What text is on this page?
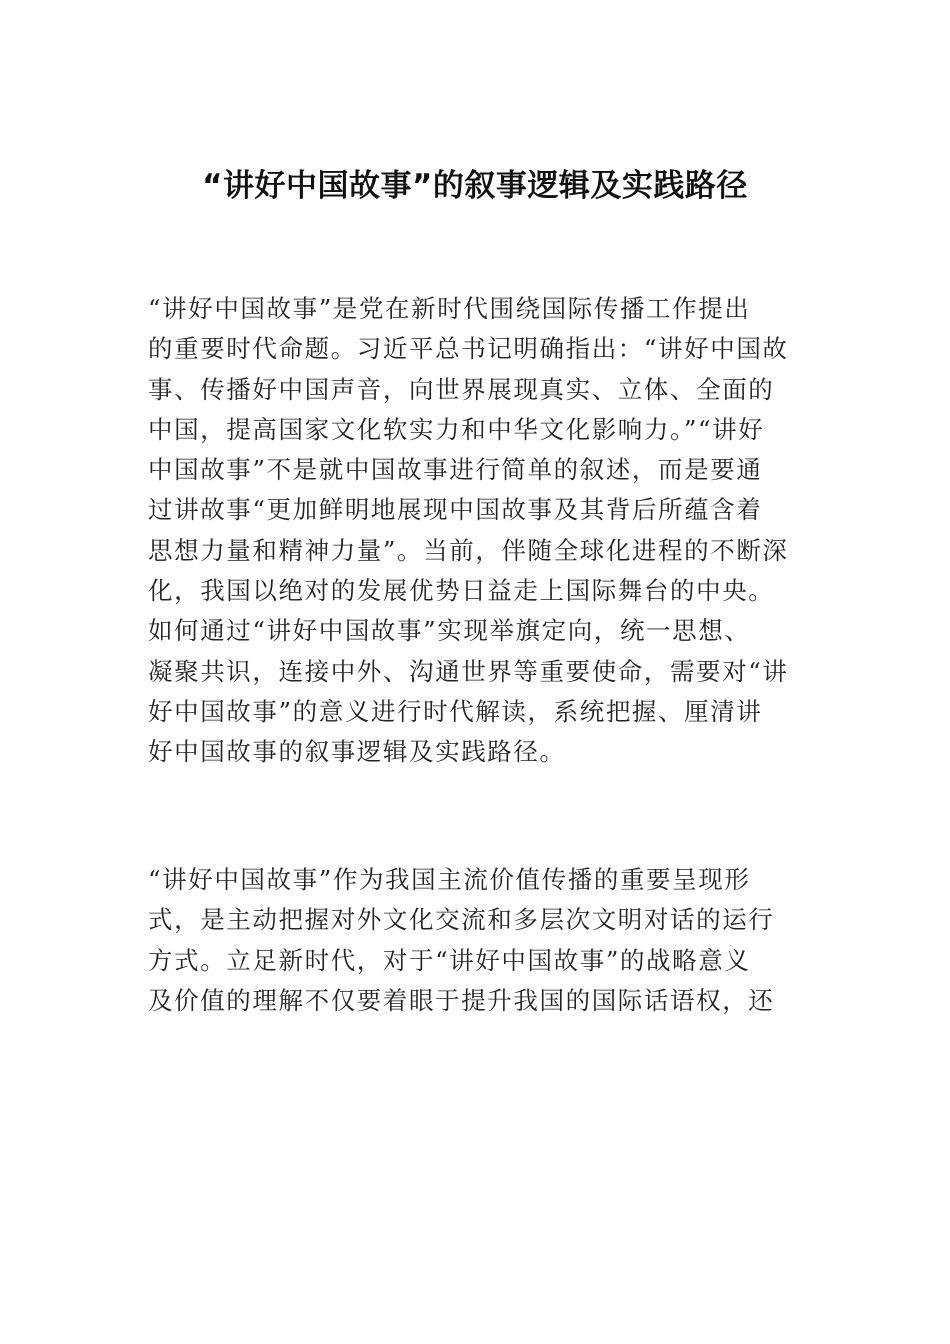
“讲好中国故事”的叙事逻辑及实践路径
“讲好中国故事”是党在新时代围绕国际传播工作提出
的重要时代命题。习近平总书记明确指出：“讲好中国故
事、传播好中国声音，向世界展现真实、立体、全面的
中国，提高国家文化软实力和中华文化影响力。”“讲好
中国故事”不是就中国故事进行简单的叙述，而是要通
过讲故事“更加鲜明地展现中国故事及其背后所蕴含着
思想力量和精神力量”。当前，伴随全球化进程的不断深
化，我国以绝对的发展优势日益走上国际舞台的中央。
如何通过“讲好中国故事”实现举旗定向，统一思想、
凝聚共识，连接中外、沟通世界等重要使命，需要对“讲
好中国故事”的意义进行时代解读，系统把握、厘清讲
好中国故事的叙事逻辑及实践路径。
“讲好中国故事”作为我国主流价值传播的重要呈现形
式，是主动把握对外文化交流和多层次文明对话的运行
方式。立足新时代，对于“讲好中国故事”的战略意义
及价值的理解不仅要着眼于提升我国的国际话语权，还
